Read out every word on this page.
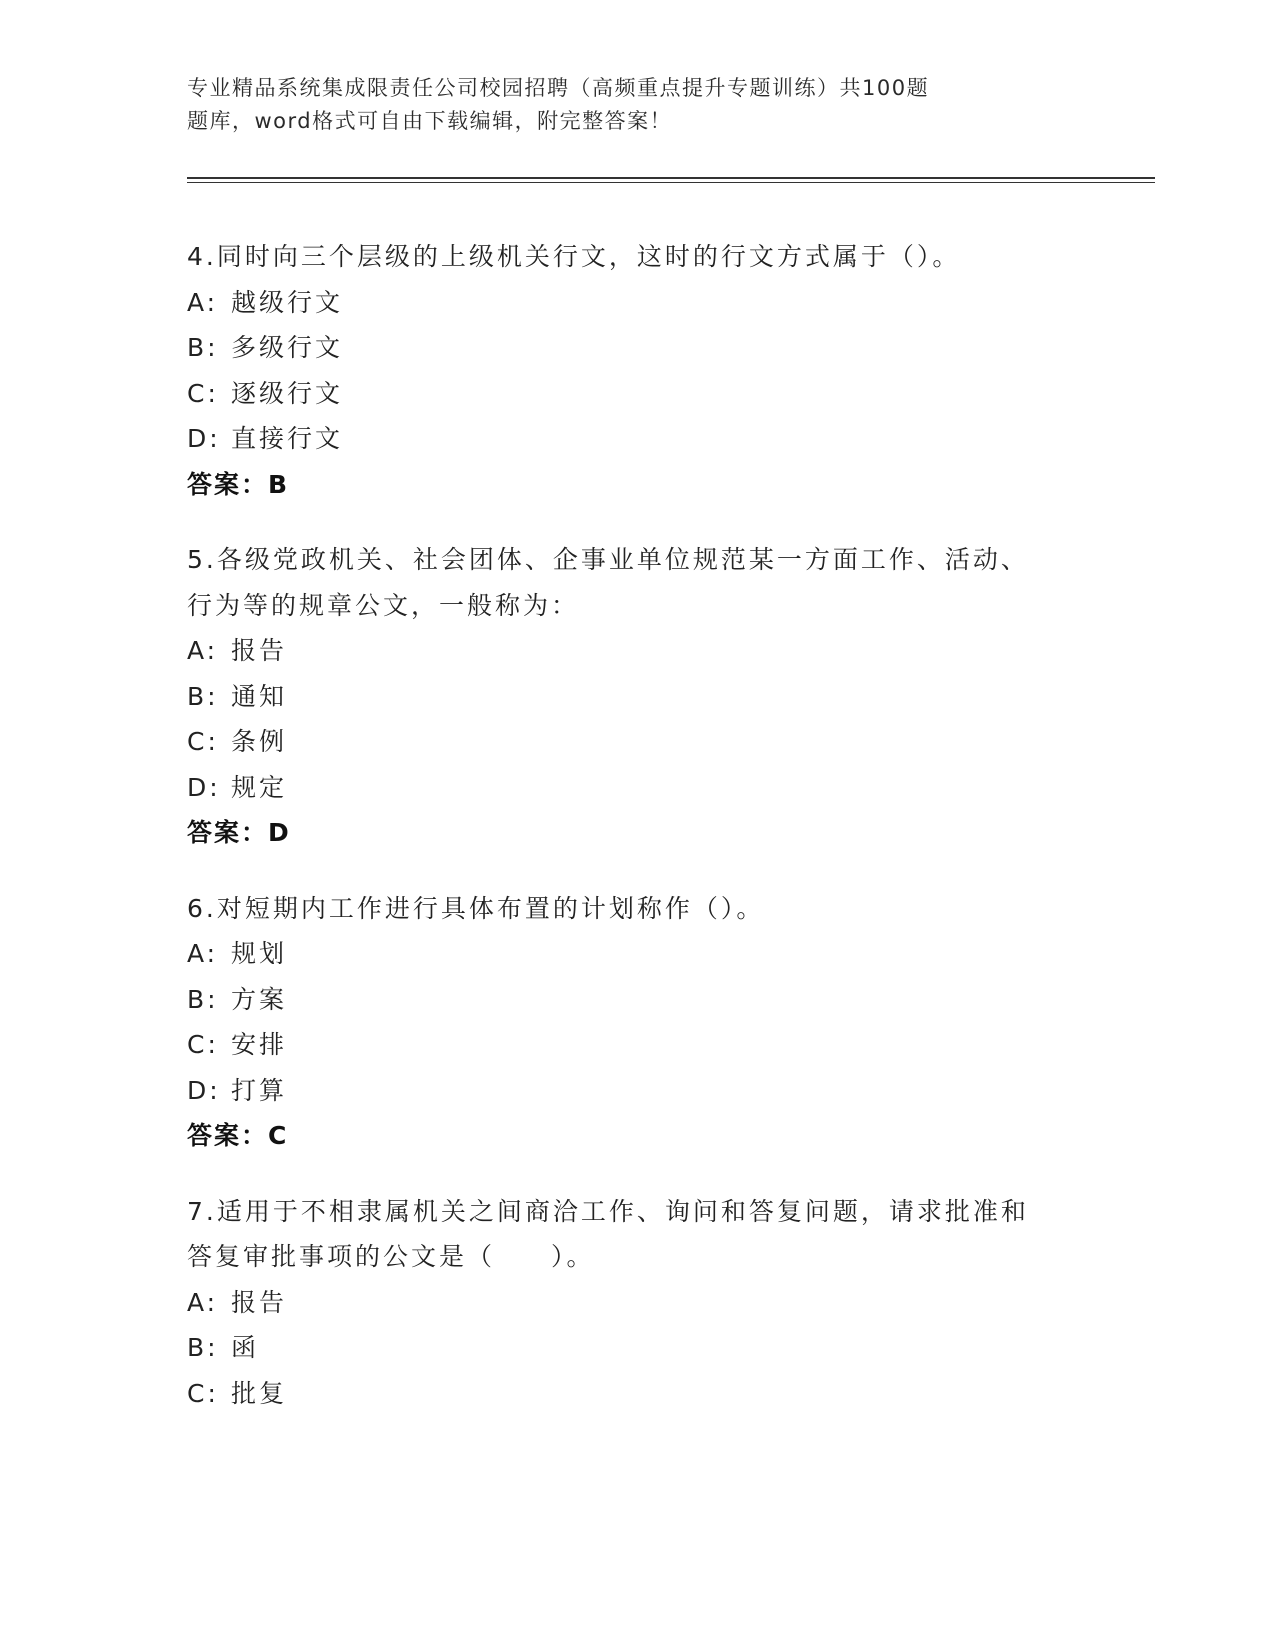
专业精品系统集成限责任公司校园招聘（高频重点提升专题训练）共100题
题库，word格式可自由下载编辑，附完整答案！

4.同时向三个层级的上级机关行文，这时的行文方式属于（）。

A: 越级行文

B: 多级行文

C: 逐级行文

D: 直接行文

答案：B

5.各级党政机关、社会团体、企事业单位规范某一方面工作、活动、

行为等的规章公文，一般称为：

A: 报告

B: 通知

C: 条例

D: 规定

答案：D

6.对短期内工作进行具体布置的计划称作（）。

A: 规划

B: 方案

C: 安排

D: 打算

答案：C

7.适用于不相隶属机关之间商洽工作、询问和答复问题，请求批准和

答复审批事项的公文是（　　）。

A: 报告

B: 函

C: 批复
